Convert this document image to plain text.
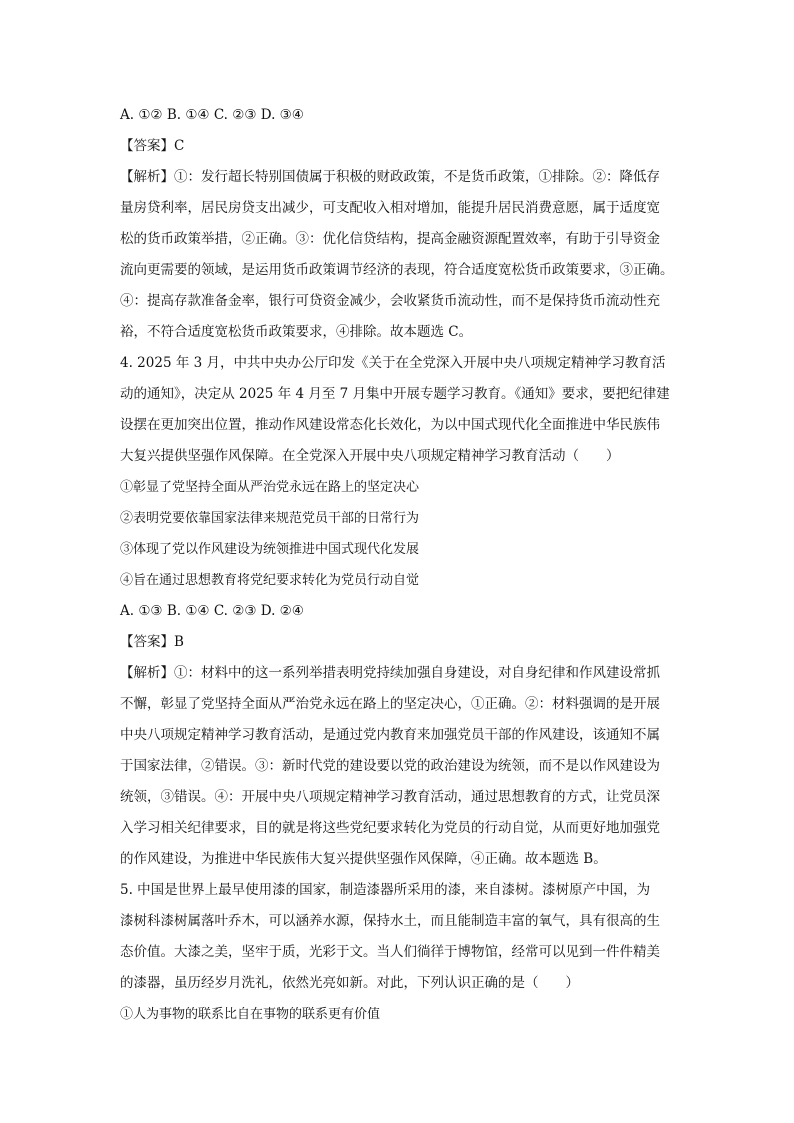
A. ①② B. ①④ C. ②③ D. ③④
【答案】C
【解析】①：发行超长特别国债属于积极的财政政策，不是货币政策，①排除。②：降低存
量房贷利率，居民房贷支出减少，可支配收入相对增加，能提升居民消费意愿，属于适度宽
松的货币政策举措，②正确。③：优化信贷结构，提高金融资源配置效率，有助于引导资金
流向更需要的领域，是运用货币政策调节经济的表现，符合适度宽松货币政策要求，③正确。
④：提高存款准备金率，银行可贷资金减少，会收紧货币流动性，而不是保持货币流动性充
裕，不符合适度宽松货币政策要求，④排除。故本题选 C。
4. 2025 年 3 月，中共中央办公厅印发《关于在全党深入开展中央八项规定精神学习教育活
动的通知》，决定从 2025 年 4 月至 7 月集中开展专题学习教育。《通知》要求，要把纪律建
设摆在更加突出位置，推动作风建设常态化长效化，为以中国式现代化全面推进中华民族伟
大复兴提供坚强作风保障。在全党深入开展中央八项规定精神学习教育活动（　　）
①彰显了党坚持全面从严治党永远在路上的坚定决心
②表明党要依靠国家法律来规范党员干部的日常行为
③体现了党以作风建设为统领推进中国式现代化发展
④旨在通过思想教育将党纪要求转化为党员行动自觉
A. ①③ B. ①④ C. ②③ D. ②④
【答案】B
【解析】①：材料中的这一系列举措表明党持续加强自身建设，对自身纪律和作风建设常抓
不懈，彰显了党坚持全面从严治党永远在路上的坚定决心，①正确。②：材料强调的是开展
中央八项规定精神学习教育活动，是通过党内教育来加强党员干部的作风建设，该通知不属
于国家法律，②错误。③：新时代党的建设要以党的政治建设为统领，而不是以作风建设为
统领，③错误。④：开展中央八项规定精神学习教育活动，通过思想教育的方式，让党员深
入学习相关纪律要求，目的就是将这些党纪要求转化为党员的行动自觉，从而更好地加强党
的作风建设，为推进中华民族伟大复兴提供坚强作风保障，④正确。故本题选 B。
5. 中国是世界上最早使用漆的国家，制造漆器所采用的漆，来自漆树。漆树原产中国，为
漆树科漆树属落叶乔木，可以涵养水源，保持水土，而且能制造丰富的氧气，具有很高的生
态价值。大漆之美，坚牢于质，光彩于文。当人们徜徉于博物馆，经常可以见到一件件精美
的漆器，虽历经岁月洗礼，依然光亮如新。对此，下列认识正确的是（　　）
①人为事物的联系比自在事物的联系更有价值
